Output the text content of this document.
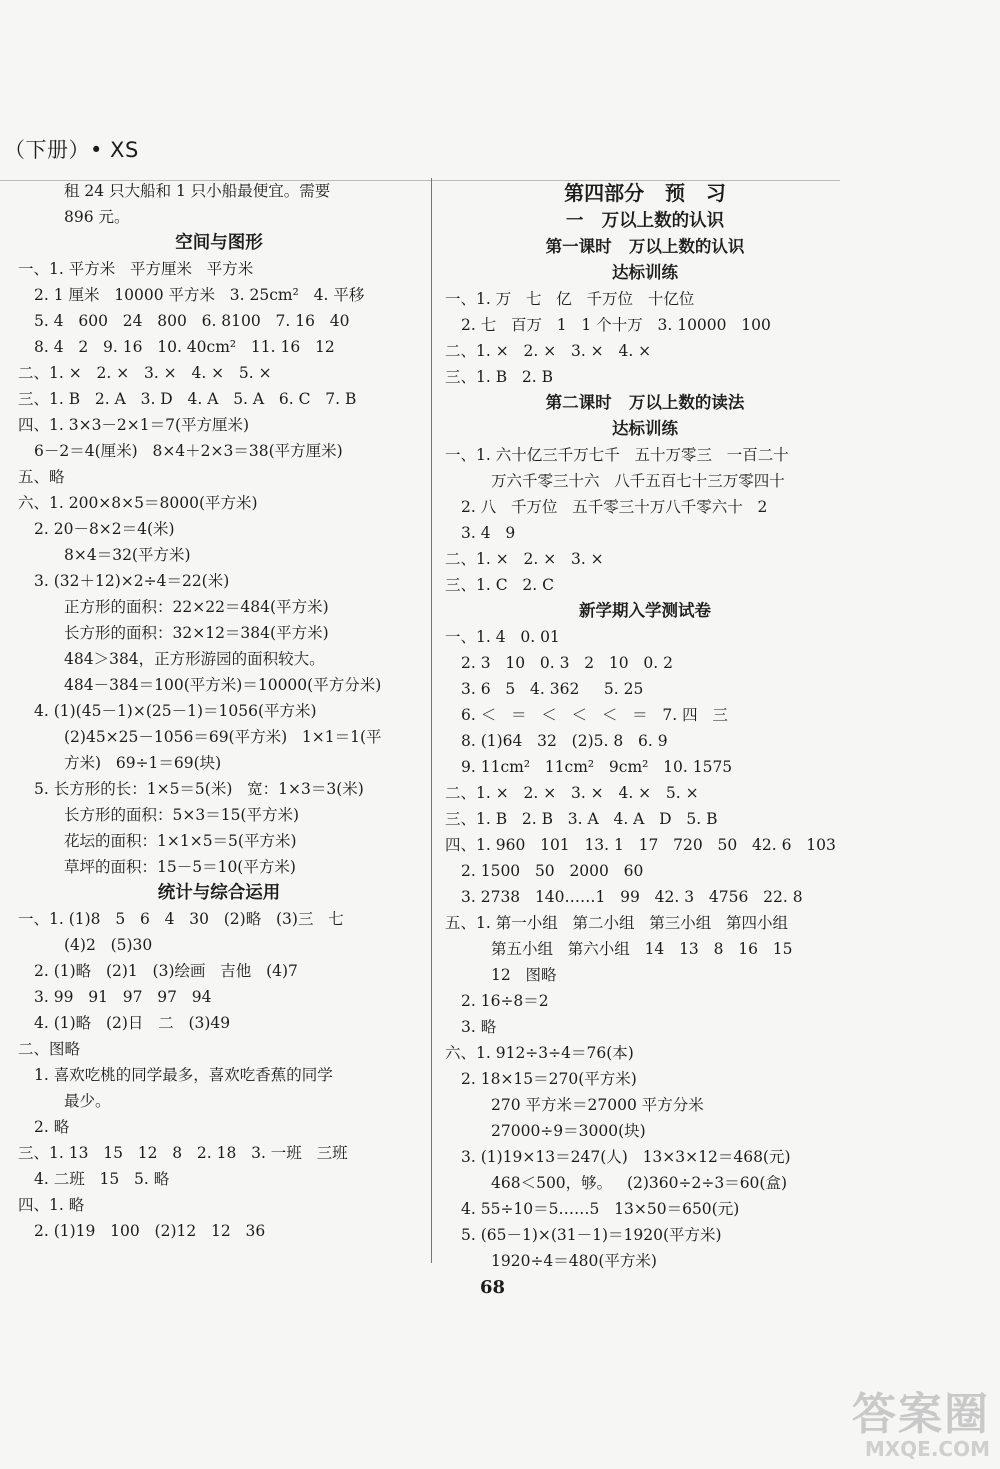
（下册）• XS
租 24 只大船和 1 只小船最便宜。需要
896 元。
空间与图形
一、1. 平方米   平方厘米   平方米
2. 1 厘米   10000 平方米   3. 25cm²   4. 平移
5. 4   600   24   800   6. 8100   7. 16   40
8. 4   2   9. 16   10. 40cm²   11. 16   12
二、1. ×   2. ×   3. ×   4. ×   5. ×
三、1. B   2. A   3. D   4. A   5. A   6. C   7. B
四、1. 3×3－2×1＝7(平方厘米)
6－2＝4(厘米)   8×4＋2×3＝38(平方厘米)
五、略
六、1. 200×8×5＝8000(平方米)
2. 20－8×2＝4(米)
8×4＝32(平方米)
3. (32＋12)×2÷4＝22(米)
正方形的面积：22×22＝484(平方米)
长方形的面积：32×12＝384(平方米)
484＞384，正方形游园的面积较大。
484－384＝100(平方米)＝10000(平方分米)
4. (1)(45－1)×(25－1)＝1056(平方米)
(2)45×25－1056＝69(平方米)   1×1＝1(平
方米)   69÷1＝69(块)
5. 长方形的长：1×5＝5(米)   宽：1×3＝3(米)
长方形的面积：5×3＝15(平方米)
花坛的面积：1×1×5＝5(平方米)
草坪的面积：15－5＝10(平方米)
统计与综合运用
一、1. (1)8   5   6   4   30   (2)略   (3)三   七
(4)2   (5)30
2. (1)略   (2)1   (3)绘画   吉他   (4)7
3. 99   91   97   97   94
4. (1)略   (2)日   二   (3)49
二、图略
1. 喜欢吃桃的同学最多，喜欢吃香蕉的同学
最少。
2. 略
三、1. 13   15   12   8   2. 18   3. 一班   三班
4. 二班   15   5. 略
四、1. 略
2. (1)19   100   (2)12   12   36
第四部分   预   习
一   万以上数的认识
第一课时   万以上数的认识
达标训练
一、1. 万   七   亿   千万位   十亿位
2. 七   百万   1   1 个十万   3. 10000   100
二、1. ×   2. ×   3. ×   4. ×
三、1. B   2. B
第二课时   万以上数的读法
达标训练
一、1. 六十亿三千万七千   五十万零三   一百二十
万六千零三十六   八千五百七十三万零四十
2. 八   千万位   五千零三十万八千零六十   2
3. 4   9
二、1. ×   2. ×   3. ×
三、1. C   2. C
新学期入学测试卷
一、1. 4   0. 01
2. 3   10   0. 3   2   10   0. 2
3. 6   5   4. 362     5. 25
6. ＜   ＝   ＜   ＜   ＜   ＝   7. 四   三
8. (1)64   32   (2)5. 8   6. 9
9. 11cm²   11cm²   9cm²   10. 1575
二、1. ×   2. ×   3. ×   4. ×   5. ×
三、1. B   2. B   3. A   4. A   D   5. B
四、1. 960   101   13. 1   17   720   50   42. 6   103
2. 1500   50   2000   60
3. 2738   140……1   99   42. 3   4756   22. 8
五、1. 第一小组   第二小组   第三小组   第四小组
第五小组   第六小组   14   13   8   16   15
12   图略
2. 16÷8＝2
3. 略
六、1. 912÷3÷4＝76(本)
2. 18×15＝270(平方米)
270 平方米＝27000 平方分米
27000÷9＝3000(块)
3. (1)19×13＝247(人)   13×3×12＝468(元)
468＜500，够。   (2)360÷2÷3＝60(盒)
4. 55÷10＝5……5   13×50＝650(元)
5. (65－1)×(31－1)＝1920(平方米)
1920÷4＝480(平方米)
68
答案圈
MXQE.COM
